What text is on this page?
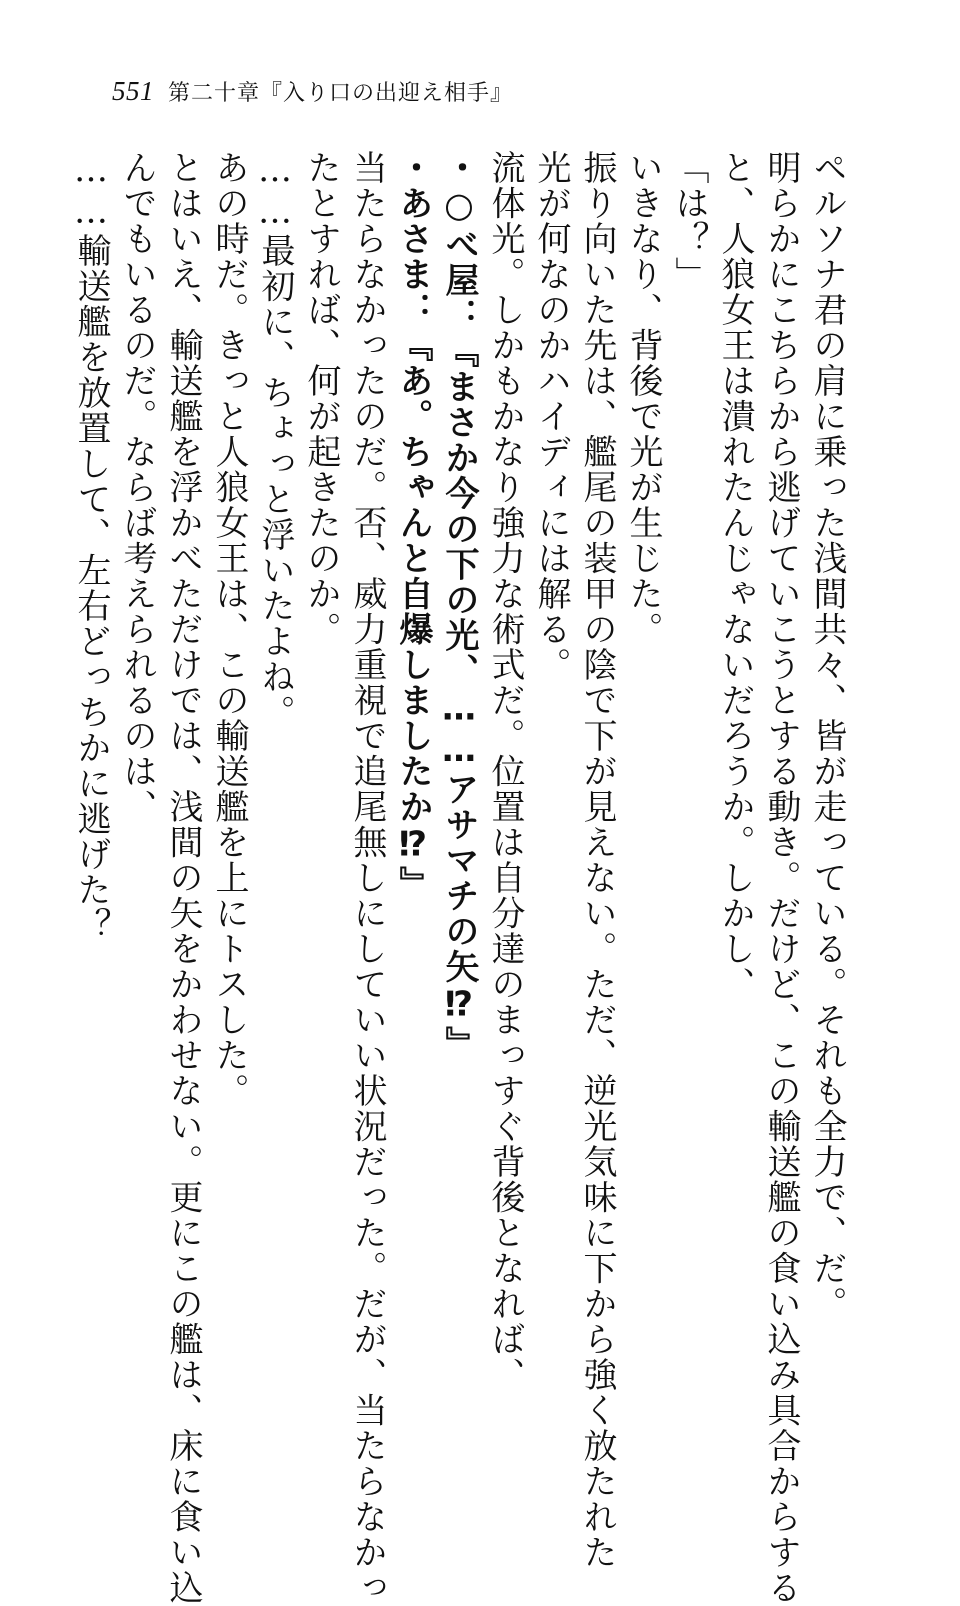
551 第二十章『入り口の出迎え相手』
ペルソナ君の肩に乗った浅間共々、皆が走っている。それも全力で、だ。
明らかにこちらから逃げていこうとする動き。だけど、この輸送艦の食い込み具合からする
と、人狼女王は潰れたんじゃないだろうか。しかし、
「は？」
いきなり、背後で光が生じた。
振り向いた先は、艦尾の装甲の陰で下が見えない。ただ、逆光気味に下から強く放たれた
光が何なのかハイディには解る。
流体光。しかもかなり強力な術式だ。位置は自分達のまっすぐ背後となれば、
・○べ屋：『まさか今の下の光、……アサマチの矢⁉』
・あさま：『あ。ちゃんと自爆しましたか⁉』
当たらなかったのだ。否、威力重視で追尾無しにしていい状況だった。だが、当たらなかっ
たとすれば、何が起きたのか。
……最初に、ちょっと浮いたよね。
あの時だ。きっと人狼女王は、この輸送艦を上にトスした。
とはいえ、輸送艦を浮かべただけでは、浅間の矢をかわせない。更にこの艦は、床に食い込
んでもいるのだ。ならば考えられるのは、
……輸送艦を放置して、左右どっちかに逃げた？
